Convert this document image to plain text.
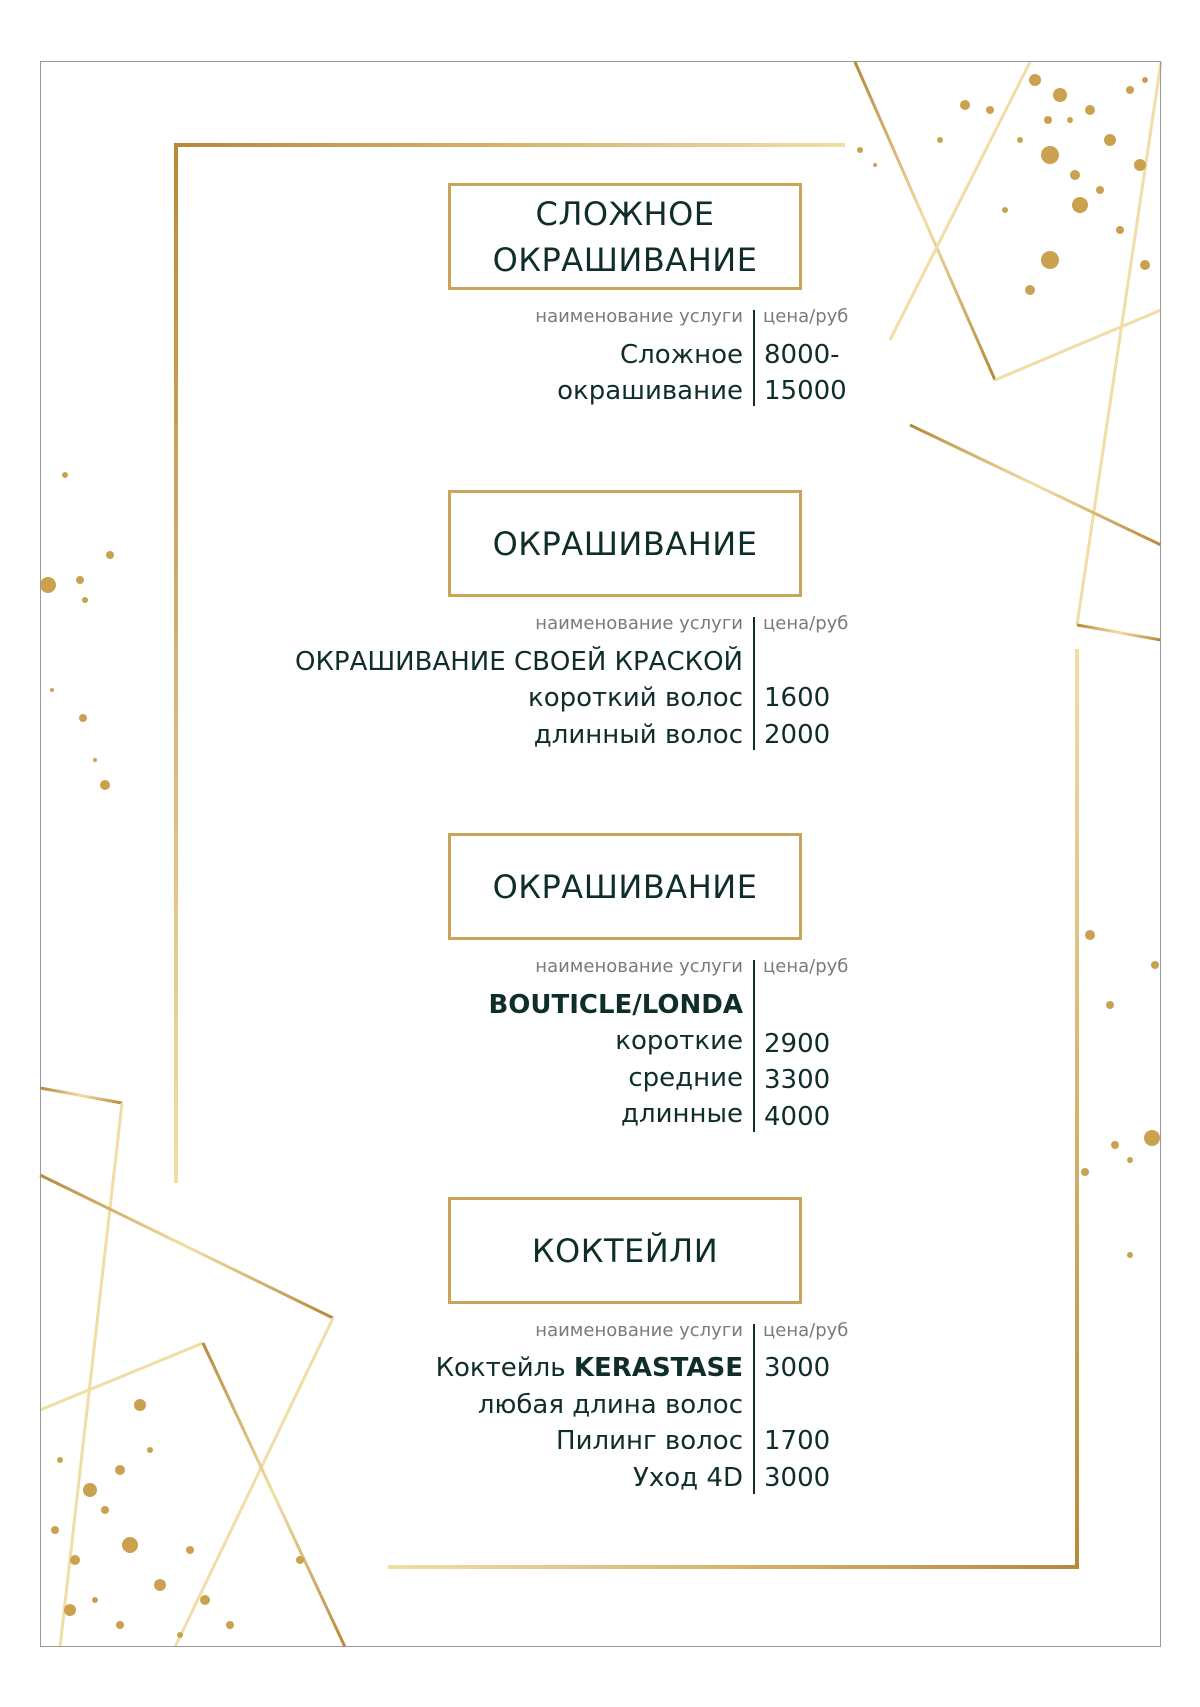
СЛОЖНОЕ
ОКРАШИВАНИЕ
наименование услуги цена/руб
Сложное 8000-
окрашивание 15000
ОКРАШИВАНИЕ
наименование услуги цена/руб
ОКРАШИВАНИЕ СВОЕЙ КРАСКОЙ
короткий волос 1600
длинный волос 2000
ОКРАШИВАНИЕ
наименование услуги цена/руб
BOUTICLE/LONDA
короткие 2900
средние 3300
длинные 4000
КОКТЕЙЛИ
наименование услуги цена/руб
Коктейль KERASTASE 3000
любая длина волос
Пилинг волос 1700
Уход 4D 3000
